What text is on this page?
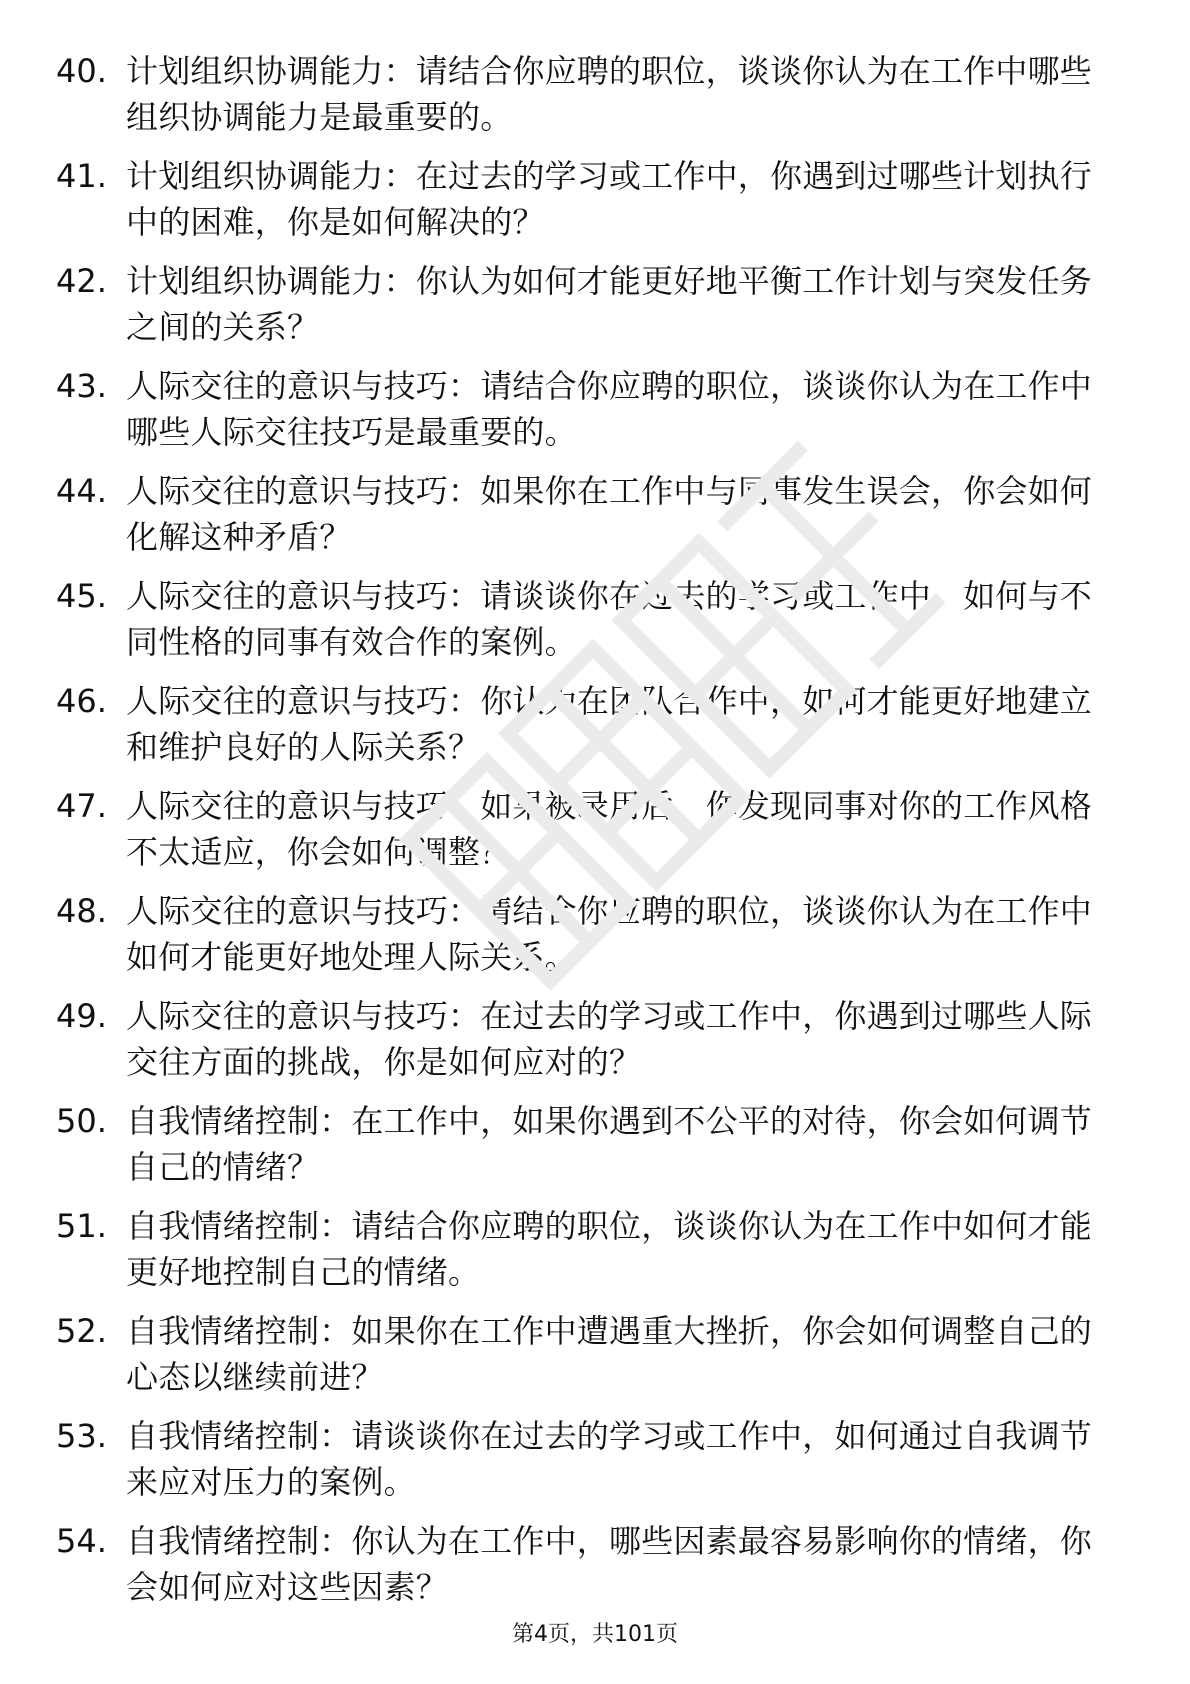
40. 计划组织协调能力：请结合你应聘的职位，谈谈你认为在工作中哪些组织协调能力是最重要的。
41. 计划组织协调能力：在过去的学习或工作中，你遇到过哪些计划执行中的困难，你是如何解决的？
42. 计划组织协调能力：你认为如何才能更好地平衡工作计划与突发任务之间的关系？
43. 人际交往的意识与技巧：请结合你应聘的职位，谈谈你认为在工作中哪些人际交往技巧是最重要的。
44. 人际交往的意识与技巧：如果你在工作中与同事发生误会，你会如何化解这种矛盾？
45. 人际交往的意识与技巧：请谈谈你在过去的学习或工作中，如何与不同性格的同事有效合作的案例。
46. 人际交往的意识与技巧：你认为在团队合作中，如何才能更好地建立和维护良好的人际关系？
47. 人际交往的意识与技巧：如果被录用后，你发现同事对你的工作风格不太适应，你会如何调整？
48. 人际交往的意识与技巧：请结合你应聘的职位，谈谈你认为在工作中如何才能更好地处理人际关系。
49. 人际交往的意识与技巧：在过去的学习或工作中，你遇到过哪些人际交往方面的挑战，你是如何应对的？
50. 自我情绪控制：在工作中，如果你遇到不公平的对待，你会如何调节自己的情绪？
51. 自我情绪控制：请结合你应聘的职位，谈谈你认为在工作中如何才能更好地控制自己的情绪。
52. 自我情绪控制：如果你在工作中遭遇重大挫折，你会如何调整自己的心态以继续前进？
53. 自我情绪控制：请谈谈你在过去的学习或工作中，如何通过自我调节来应对压力的案例。
54. 自我情绪控制：你认为在工作中，哪些因素最容易影响你的情绪，你会如何应对这些因素？
第4页，共101页
